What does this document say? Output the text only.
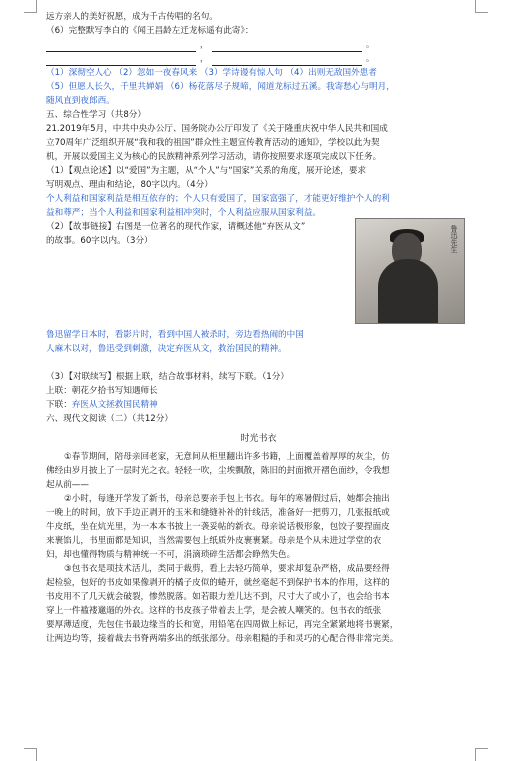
远方亲人的美好祝愿，成为千古传唱的名句。
（6）完整默写李白的《闻王昌龄左迁龙标遥有此寄》：
，	。
，	。
（1）深彻空人心 （2）忽如一夜春风来 （3）学诗谩有惊人句 （4）出则无敌国外患者
（5）但愿人长久，千里共婵娟 （6）杨花落尽子规啼，闻道龙标过五溪。我寄愁心与明月，
随风直到夜郎西。
五、综合性学习（共8分）
21.2019年5月，中共中央办公厅、国务院办公厅印发了《关于隆重庆祝中华人民共和国成
立70周年广泛组织开展“我和我的祖国”群众性主题宣传教育活动的通知》，学校以此为契
机，开展以爱国主义为核心的民族精神系列学习活动，请你按照要求逐项完成以下任务。
（1）【观点论述】以“爱国”为主题，从“个人”与“国家”关系的角度，展开论述，要求
写明观点、理由和结论，80字以内。（4分）
个人利益和国家利益是相互依存的；个人只有爱国了，国家富强了，才能更好维护个人的利
益和尊严；当个人利益和国家利益相冲突时，个人利益应服从国家利益。
（2）【故事链接】右图是一位著名的现代作家，请概述他“弃医从文”
的故事。60字以内。（3分）	鲁迅先生
鲁迅留学日本时，看影片时，看到中国人被杀时，旁边看热闹的中国
人麻木以对，鲁迅受到刺激，决定弃医从文，救治国民的精神。
（3）【对联续写】根据上联，结合故事材料，续写下联。（1分）
上联：朝花夕拾书写知遇师长
下联：弃医从文拯救国民精神
六、现代文阅读（二）（共12分）
时光书衣
①春节期间，陪母亲回老家，无意间从柜里翻出许多书籍，上面覆盖着厚厚的灰尘，仿
佛经由岁月披上了一层时光之衣。轻轻一吹，尘埃飘散，陈旧的封面掀开褶色面纱，令我想
起从前——
②小时，每逢开学发了新书，母亲总要亲手包上书衣。每年的寒暑假过后，她都会抽出
一晚上的时间，放下手边正剥开的玉米和缝缝补补的针线活，准备好一把剪刀，几张报纸或
牛皮纸，坐在炕光里，为一本本书披上一袭妥帖的新衣。母亲说话极形象，包饺子要捏面皮
来裹馅儿，书里面都是知识，当然需要包上纸质外皮裹裹紧。母亲是个从未进过学堂的农
妇，却也懂得物质与精神统一不可，涓滴琐碎生活都会睁然失色。
③包书衣是项技术活儿，类同于裁剪，看上去轻巧简单，要求却复杂严格，成品要经得
起检验，包好的书皮如果像剥开的橘子皮似的蜷开，就丝毫起不到保护书本的作用，这样的
书皮用不了几天就会破裂，惨然脱落。如若眼力差儿达不到，尺寸大了或小了，也会给书本
穿上一件褴褛邋遢的外衣。这样的书皮孩子带着去上学，是会被人嘲笑的。包书衣的纸张
要厚薄适度，先包住书最边缘当的长和宽，用铅笔在四周做上标记，再完全紧紧地将书裹紧，
让两边均等，接着裁去书脊两端多出的纸张部分。母亲粗糙的手和灵巧的心配合得非常完美。
